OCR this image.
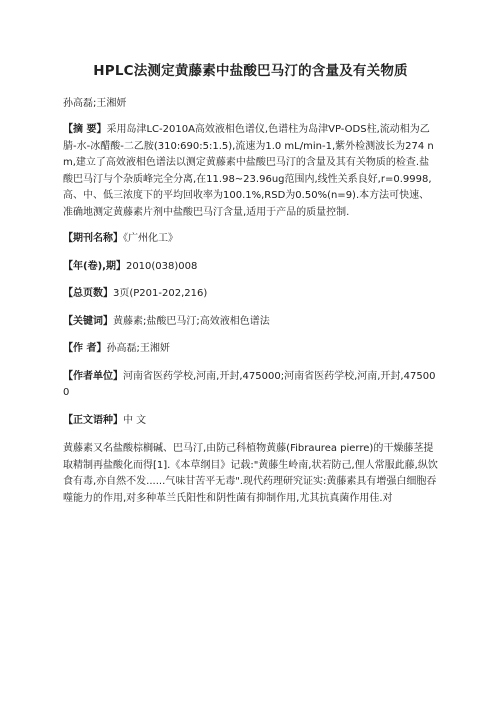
HPLC法测定黄藤素中盐酸巴马汀的含量及有关物质
孙高磊;王湘妍
【摘 要】采用岛津LC-2010A高效液相色谱仪,色谱柱为岛津VP-ODS柱,流动相为乙腈-水-冰醋酸-二乙胺(310:690:5:1.5),流速为1.0 mL/min-1,紫外检测波长为274 nm,建立了高效液相色谱法以测定黄藤素中盐酸巴马汀的含量及其有关物质的检查.盐酸巴马汀与个杂质峰完全分离,在11.98~23.96ug范围内,线性关系良好,r=0.9998,高、中、低三浓度下的平均回收率为100.1%,RSD为0.50%(n=9).本方法可快速、准确地测定黄藤素片剂中盐酸巴马汀含量,适用于产品的质量控制.
【期刊名称】《广州化工》
【年(卷),期】2010(038)008
【总页数】3页(P201-202,216)
【关键词】黄藤素;盐酸巴马汀;高效液相色谱法
【作 者】孙高磊;王湘妍
【作者单位】河南省医药学校,河南,开封,475000;河南省医药学校,河南,开封,475000
【正文语种】中 文
黄藤素又名盐酸棕榈碱、巴马汀,由防己科植物黄藤(Fibraurea pierre)的干燥藤茎提取精制再盐酸化而得[1].《本草纲目》记载:"黄藤生岭南,状若防己,俚人常服此藤,纵饮食有毒,亦自然不发......气味甘苦平无毒".现代药理研究证实:黄藤素具有增强白细胞吞噬能力的作用,对多种革兰氏阳性和阴性菌有抑制作用,尤其抗真菌作用佳.对
